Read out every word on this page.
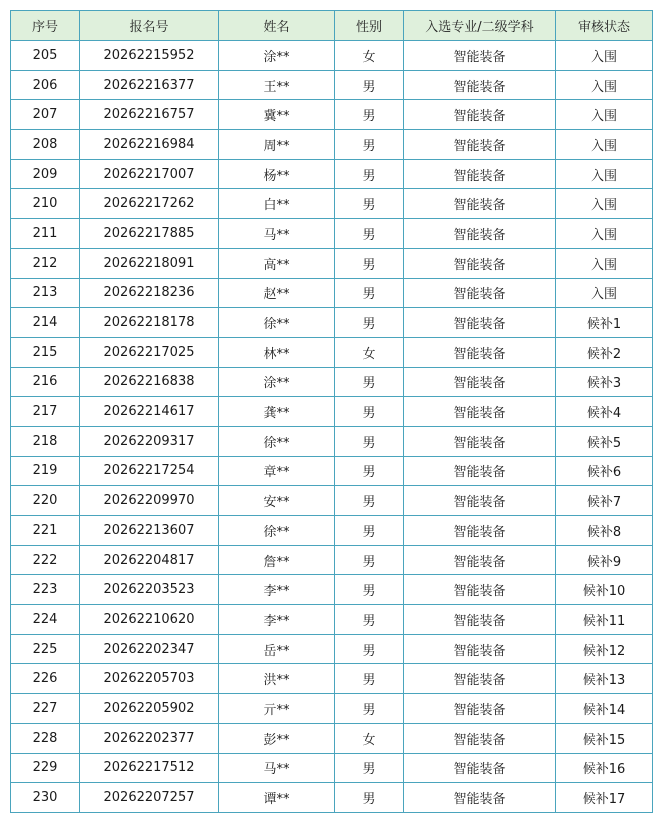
序号	报名号	姓名	性别	入选专业/二级学科	审核状态
205	20262215952	涂**	女	智能装备	入围
206	20262216377	王**	男	智能装备	入围
207	20262216757	冀**	男	智能装备	入围
208	20262216984	周**	男	智能装备	入围
209	20262217007	杨**	男	智能装备	入围
210	20262217262	白**	男	智能装备	入围
211	20262217885	马**	男	智能装备	入围
212	20262218091	高**	男	智能装备	入围
213	20262218236	赵**	男	智能装备	入围
214	20262218178	徐**	男	智能装备	候补1
215	20262217025	林**	女	智能装备	候补2
216	20262216838	涂**	男	智能装备	候补3
217	20262214617	龚**	男	智能装备	候补4
218	20262209317	徐**	男	智能装备	候补5
219	20262217254	章**	男	智能装备	候补6
220	20262209970	安**	男	智能装备	候补7
221	20262213607	徐**	男	智能装备	候补8
222	20262204817	詹**	男	智能装备	候补9
223	20262203523	李**	男	智能装备	候补10
224	20262210620	李**	男	智能装备	候补11
225	20262202347	岳**	男	智能装备	候补12
226	20262205703	洪**	男	智能装备	候补13
227	20262205902	亓**	男	智能装备	候补14
228	20262202377	彭**	女	智能装备	候补15
229	20262217512	马**	男	智能装备	候补16
230	20262207257	谭**	男	智能装备	候补17
